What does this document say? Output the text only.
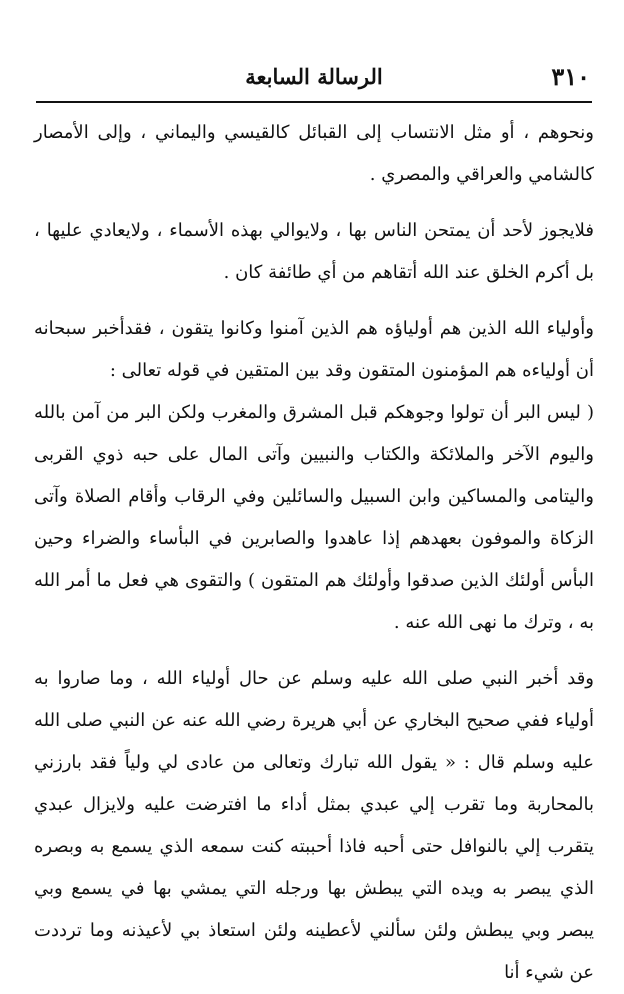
٣١٠
الرسالة السابعة

ونحوهم ، أو مثل الانتساب إلى القبائل كالقيسي واليماني ، وإلى الأمصار كالشامي والعراقي والمصري .

فلايجوز لأحد أن يمتحن الناس بها ، ولايوالي بهذه الأسماء ، ولايعادي عليها ، بل أكرم الخلق عند الله أتقاهم من أي طائفة كان .

وأولياء الله الذين هم أولياؤه هم الذين آمنوا وكانوا يتقون ، فقدأخبر سبحانه أن أولياءه هم المؤمنون المتقون وقد بين المتقين في قوله تعالى :

( ليس البر أن تولوا وجوهكم قبل المشرق والمغرب ولكن البر من آمن بالله واليوم الآخر والملائكة والكتاب والنبيين وآتى المال على حبه ذوي القربى واليتامى والمساكين وابن السبيل والسائلين وفي الرقاب وأقام الصلاة وآتى الزكاة والموفون بعهدهم إذا عاهدوا والصابرين في البأساء والضراء وحين البأس أولئك الذين صدقوا وأولئك هم المتقون ) والتقوى هي فعل ما أمر الله به ، وترك ما نهى الله عنه .

وقد أخبر النبي صلى الله عليه وسلم عن حال أولياء الله ، وما صاروا به أولياء ففي صحيح البخاري عن أبي هريرة رضي الله عنه عن النبي صلى الله عليه وسلم قال : « يقول الله تبارك وتعالى من عادى لي ولياً فقد بارزني بالمحاربة وما تقرب إلي عبدي بمثل أداء ما افترضت عليه ولايزال عبدي يتقرب إلي بالنوافل حتى أحبه فاذا أحببته كنت سمعه الذي يسمع به وبصره الذي يبصر به ويده التي يبطش بها ورجله التي يمشي بها في يسمع وبي يبصر وبي يبطش ولئن سألني لأعطينه ولئن استعاذ بي لأعيذنه وما ترددت عن شيء أنا
